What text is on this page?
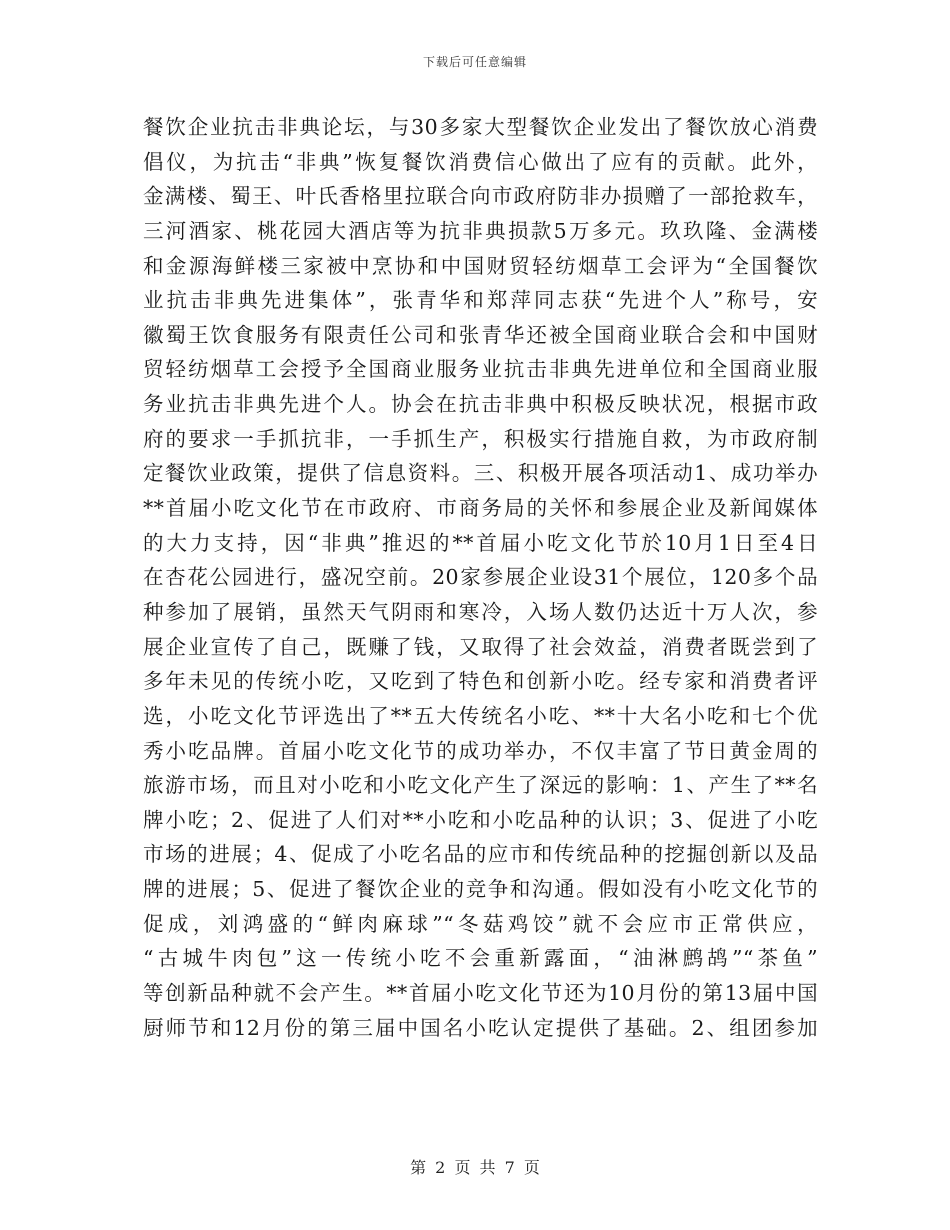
下载后可任意编辑
餐饮企业抗击非典论坛，与30多家大型餐饮企业发出了餐饮放心消费
倡仪，为抗击“非典”恢复餐饮消费信心做出了应有的贡献。此外，
金满楼、蜀王、叶氏香格里拉联合向市政府防非办损赠了一部抢救车，
三河酒家、桃花园大酒店等为抗非典损款5万多元。玖玖隆、金满楼
和金源海鲜楼三家被中烹协和中国财贸轻纺烟草工会评为“全国餐饮
业抗击非典先进集体”，张青华和郑萍同志获“先进个人”称号，安
徽蜀王饮食服务有限责任公司和张青华还被全国商业联合会和中国财
贸轻纺烟草工会授予全国商业服务业抗击非典先进单位和全国商业服
务业抗击非典先进个人。协会在抗击非典中积极反映状况，根据市政
府的要求一手抓抗非，一手抓生产，积极实行措施自救，为市政府制
定餐饮业政策，提供了信息资料。三、积极开展各项活动1、成功举办
**首届小吃文化节在市政府、市商务局的关怀和参展企业及新闻媒体
的大力支持，因“非典”推迟的**首届小吃文化节於10月1日至4日
在杏花公园进行，盛况空前。20家参展企业设31个展位，120多个品
种参加了展销，虽然天气阴雨和寒冷，入场人数仍达近十万人次，参
展企业宣传了自己，既赚了钱，又取得了社会效益，消费者既尝到了
多年未见的传统小吃，又吃到了特色和创新小吃。经专家和消费者评
选，小吃文化节评选出了**五大传统名小吃、**十大名小吃和七个优
秀小吃品牌。首届小吃文化节的成功举办，不仅丰富了节日黄金周的
旅游市场，而且对小吃和小吃文化产生了深远的影响：1、产生了**名
牌小吃；2、促进了人们对**小吃和小吃品种的认识；3、促进了小吃
市场的进展；4、促成了小吃名品的应市和传统品种的挖掘创新以及品
牌的进展；5、促进了餐饮企业的竞争和沟通。假如没有小吃文化节的
促成，刘鸿盛的“鲜肉麻球”“冬菇鸡饺”就不会应市正常供应，
“古城牛肉包”这一传统小吃不会重新露面，“油淋鹧鸪”“茶鱼”
等创新品种就不会产生。**首届小吃文化节还为10月份的第13届中国
厨师节和12月份的第三届中国名小吃认定提供了基础。2、组团参加
第 2 页 共 7 页
